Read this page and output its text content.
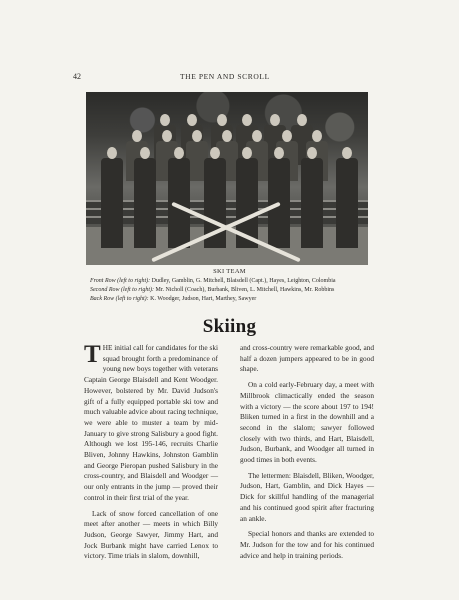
42	THE PEN AND SCROLL
SKI TEAM
Front Row (left to right): Dudley, Gamblin, G. Mitchell, Blaisdell (Capt.), Hayes, Leighton, Colombia
Second Row (left to right): Mr. Nicholl (Coach), Burbank, Bliven, L. Mitchell, Hawkins, Mr. Robbins
Back Row (left to right): K. Woodger, Judson, Hart, Marthey, Sawyer
Skiing

THE initial call for candidates for the ski squad brought forth a predominance of young new boys together with veterans Captain George Blaisdell and Kent Woodger. However, bolstered by Mr. David Judson's gift of a fully equipped portable ski tow and much valuable advice about racing technique, we were able to muster a team by mid-January to give strong Salisbury a good fight. Although we lost 195-146, recruits Charlie Bliven, Johnny Hawkins, Johnston Gamblin and George Pieropan pushed Salisbury in the cross-country, and Blaisdell and Woodger — our only entrants in the jump — proved their control in their first trial of the year.

Lack of snow forced cancellation of one meet after another — meets in which Billy Judson, George Sawyer, Jimmy Hart, and Jock Burbank might have carried Lenox to victory. Time trials in slalom, downhill,

and cross-country were remarkable good, and half a dozen jumpers appeared to be in good shape.

On a cold early-February day, a meet with Millbrook climactically ended the season with a victory — the score about 197 to 194! Bliken turned in a first in the downhill and a second in the slalom; sawyer followed closely with two thirds, and Hart, Blaisdell, Judson, Burbank, and Woodger all turned in good times in both events.

The lettermen: Blaisdell, Bliken, Woodger, Judson, Hart, Gamblin, and Dick Hayes — Dick for skillful handling of the managerial and his continued good spirit after fracturing an ankle.

Special honors and thanks are extended to Mr. Judson for the tow and for his continued advice and help in training periods.
